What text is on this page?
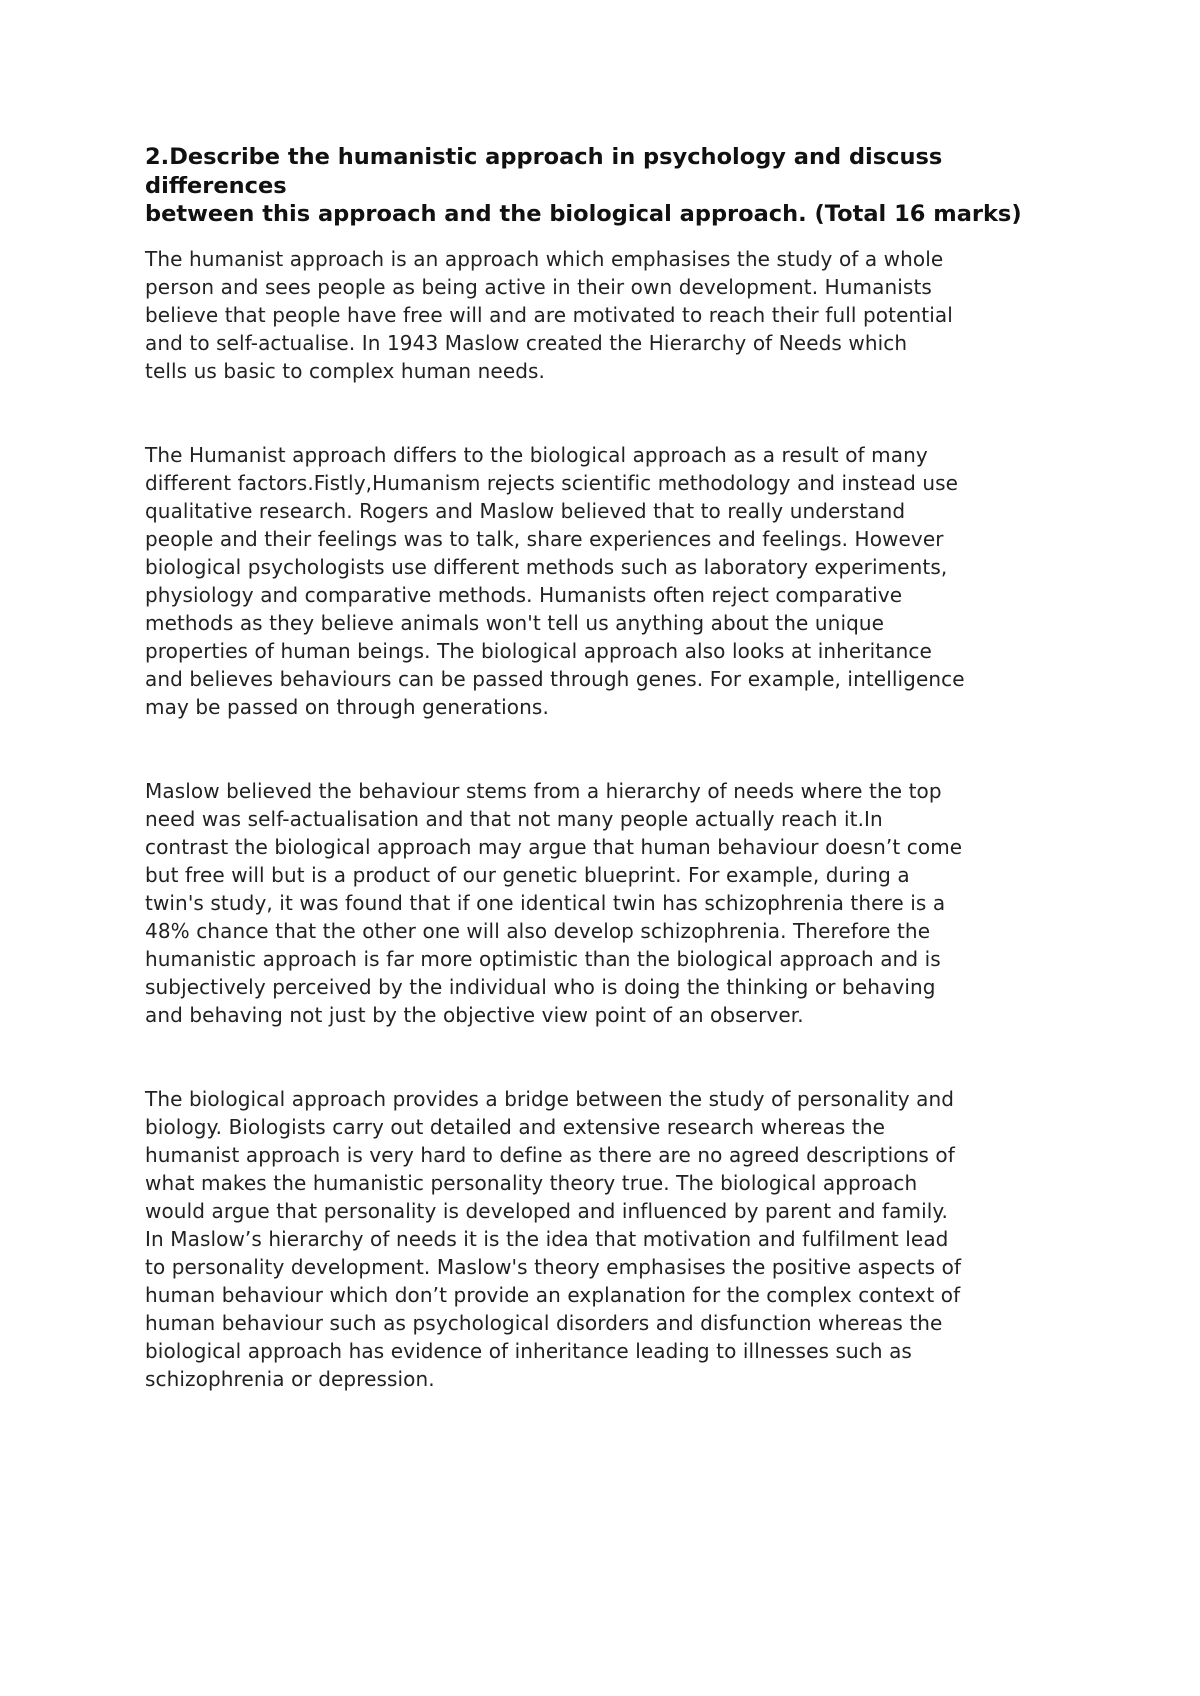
2.Describe the humanistic approach in psychology and discuss differences
between this approach and the biological approach. (Total 16 marks)

The humanist approach is an approach which emphasises the study of a whole
person and sees people as being active in their own development. Humanists
believe that people have free will and are motivated to reach their full potential
and to self-actualise. In 1943 Maslow created the Hierarchy of Needs which
tells us basic to complex human needs.

The Humanist approach differs to the biological approach as a result of many
different factors.Fistly,Humanism rejects scientific methodology and instead use
qualitative research. Rogers and Maslow believed that to really understand
people and their feelings was to talk, share experiences and feelings. However
biological psychologists use different methods such as laboratory experiments,
physiology and comparative methods. Humanists often reject comparative
methods as they believe animals won't tell us anything about the unique
properties of human beings. The biological approach also looks at inheritance
and believes behaviours can be passed through genes. For example, intelligence
may be passed on through generations.

Maslow believed the behaviour stems from a hierarchy of needs where the top
need was self-actualisation and that not many people actually reach it.In
contrast the biological approach may argue that human behaviour doesn’t come
but free will but is a product of our genetic blueprint. For example, during a
twin's study, it was found that if one identical twin has schizophrenia there is a
48% chance that the other one will also develop schizophrenia. Therefore the
humanistic approach is far more optimistic than the biological approach and is
subjectively perceived by the individual who is doing the thinking or behaving
and behaving not just by the objective view point of an observer.

The biological approach provides a bridge between the study of personality and
biology. Biologists carry out detailed and extensive research whereas the
humanist approach is very hard to define as there are no agreed descriptions of
what makes the humanistic personality theory true. The biological approach
would argue that personality is developed and influenced by parent and family.
In Maslow’s hierarchy of needs it is the idea that motivation and fulfilment lead
to personality development. Maslow's theory emphasises the positive aspects of
human behaviour which don’t provide an explanation for the complex context of
human behaviour such as psychological disorders and disfunction whereas the
biological approach has evidence of inheritance leading to illnesses such as
schizophrenia or depression.
